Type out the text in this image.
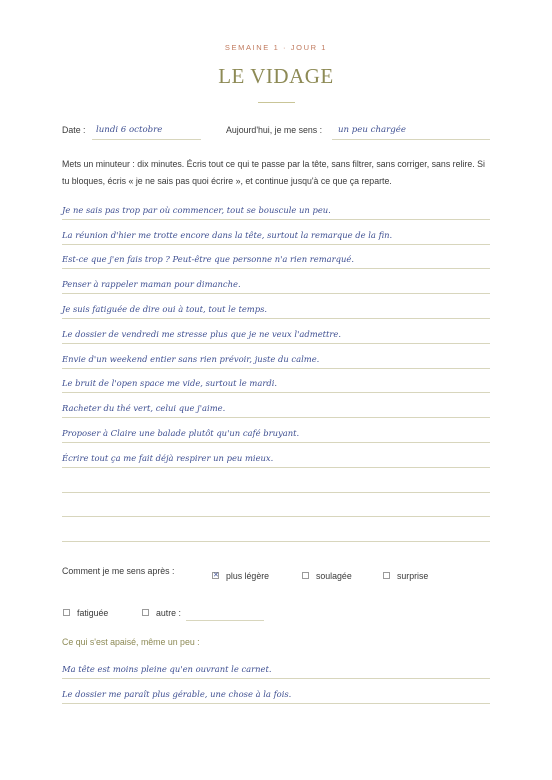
SEMAINE 1 · JOUR 1
LE VIDAGE
Date : lundi 6 octobre	Aujourd'hui, je me sens : un peu chargée
Mets un minuteur : dix minutes. Écris tout ce qui te passe par la tête, sans filtrer, sans corriger, sans relire. Si tu bloques, écris « je ne sais pas quoi écrire », et continue jusqu'à ce que ça reparte.
Je ne sais pas trop par où commencer, tout se bouscule un peu.
La réunion d'hier me trotte encore dans la tête, surtout la remarque de la fin.
Est-ce que j'en fais trop ? Peut-être que personne n'a rien remarqué.
Penser à rappeler maman pour dimanche.
Je suis fatiguée de dire oui à tout, tout le temps.
Le dossier de vendredi me stresse plus que je ne veux l'admettre.
Envie d'un weekend entier sans rien prévoir, juste du calme.
Le bruit de l'open space me vide, surtout le mardi.
Racheter du thé vert, celui que j'aime.
Proposer à Claire une balade plutôt qu'un café bruyant.
Écrire tout ça me fait déjà respirer un peu mieux.
Comment je me sens après :	✕ plus légère	soulagée	surprise
fatiguée	autre :
Ce qui s'est apaisé, même un peu :
Ma tête est moins pleine qu'en ouvrant le carnet.
Le dossier me paraît plus gérable, une chose à la fois.
